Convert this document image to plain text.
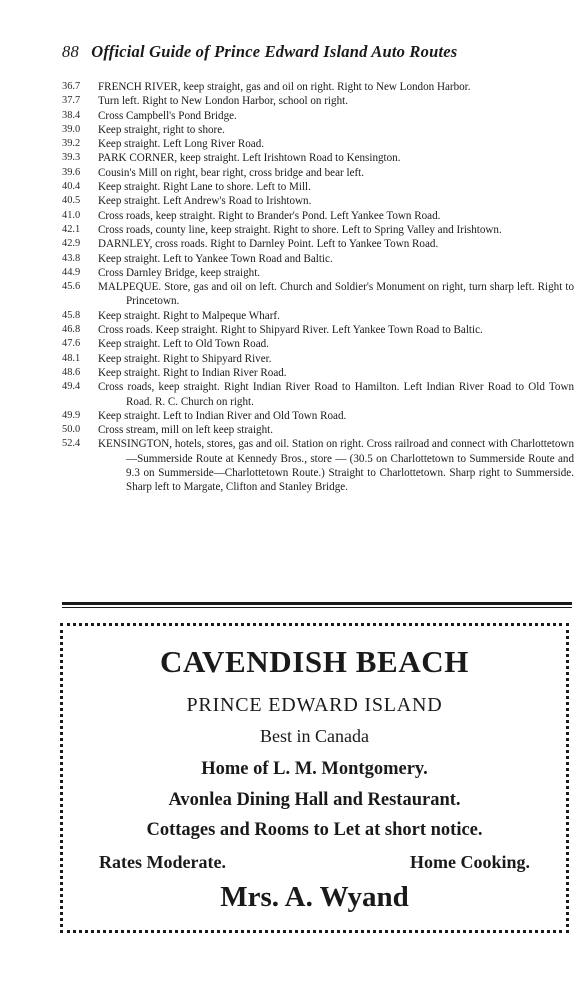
88 Official Guide of Prince Edward Island Auto Routes
36.7	FRENCH RIVER, keep straight, gas and oil on right. Right to New London Harbor.
37.7	Turn left. Right to New London Harbor, school on right.
38.4	Cross Campbell's Pond Bridge.
39.0	Keep straight, right to shore.
39.2	Keep straight. Left Long River Road.
39.3	PARK CORNER, keep straight. Left Irishtown Road to Kensington.
39.6	Cousin's Mill on right, bear right, cross bridge and bear left.
40.4	Keep straight. Right Lane to shore. Left to Mill.
40.5	Keep straight. Left Andrew's Road to Irishtown.
41.0	Cross roads, keep straight. Right to Brander's Pond. Left Yankee Town Road.
42.1	Cross roads, county line, keep straight. Right to shore. Left to Spring Valley and Irishtown.
42.9	DARNLEY, cross roads. Right to Darnley Point. Left to Yankee Town Road.
43.8	Keep straight. Left to Yankee Town Road and Baltic.
44.9	Cross Darnley Bridge, keep straight.
45.6	MALPEQUE. Store, gas and oil on left. Church and Soldier's Monument on right, turn sharp left. Right to Princetown.
45.8	Keep straight. Right to Malpeque Wharf.
46.8	Cross roads. Keep straight. Right to Shipyard River. Left Yankee Town Road to Baltic.
47.6	Keep straight. Left to Old Town Road.
48.1	Keep straight. Right to Shipyard River.
48.6	Keep straight. Right to Indian River Road.
49.4	Cross roads, keep straight. Right Indian River Road to Hamilton. Left Indian River Road to Old Town Road. R. C. Church on right.
49.9	Keep straight. Left to Indian River and Old Town Road.
50.0	Cross stream, mill on left keep straight.
52.4	KENSINGTON, hotels, stores, gas and oil. Station on right. Cross railroad and connect with Charlottetown—Summerside Route at Kennedy Bros., store — (30.5 on Charlottetown to Summerside Route and 9.3 on Summerside—Charlottetown Route.) Straight to Charlottetown. Sharp right to Summerside. Sharp left to Margate, Clifton and Stanley Bridge.
CAVENDISH BEACH
PRINCE EDWARD ISLAND
Best in Canada
Home of L. M. Montgomery.
Avonlea Dining Hall and Restaurant.
Cottages and Rooms to Let at short notice.
Rates Moderate.	Home Cooking.
Mrs. A. Wyand
